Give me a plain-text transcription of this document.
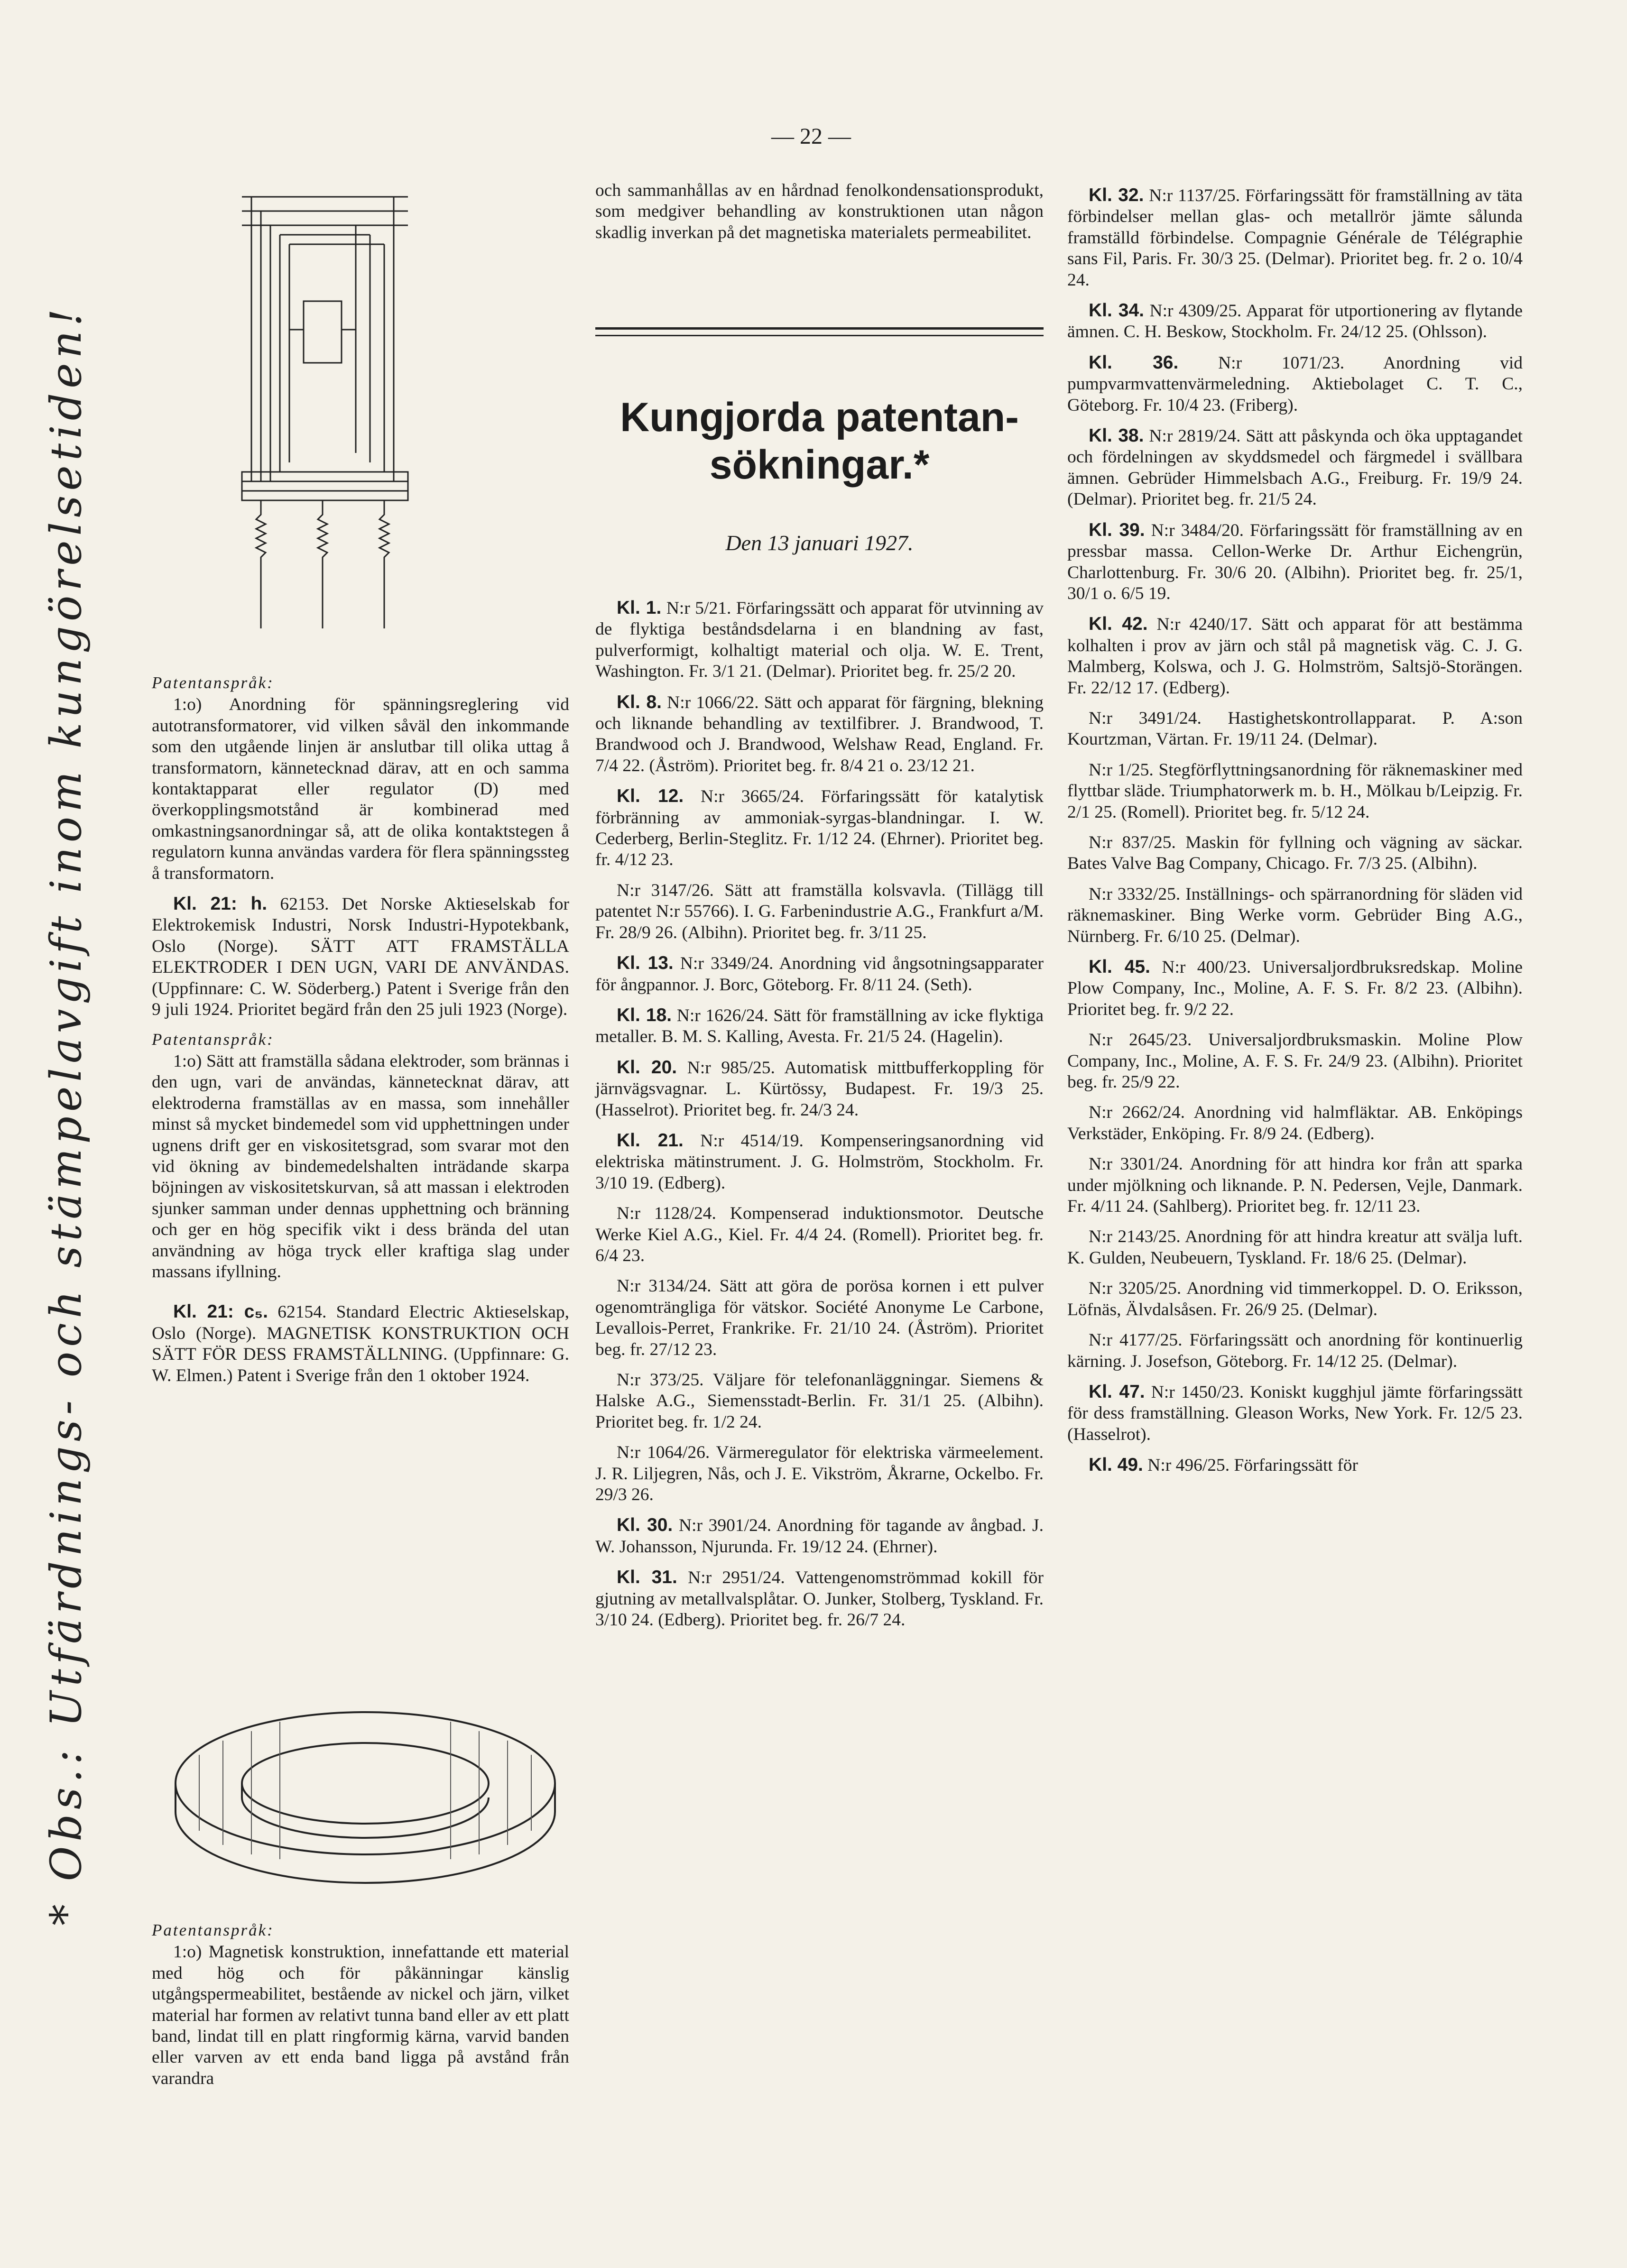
* Obs.: Utfärdnings- och stämpelavgift inom kungörelsetiden!
— 22 —

Patentanspråk:

1:o) Anordning för spänningsreglering vid autotransformatorer, vid vilken såväl den inkommande som den utgående linjen är anslutbar till olika uttag å transformatorn, kännetecknad därav, att en och samma kontaktapparat eller regulator (D) med överkopplingsmotstånd är kombinerad med omkastningsanordningar så, att de olika kontaktstegen å regulatorn kunna användas vardera för flera spänningssteg å transformatorn.

Kl. 21: h. 62153. Det Norske Aktieselskab for Elektrokemisk Industri, Norsk Industri-Hypotekbank, Oslo (Norge). SÄTT ATT FRAMSTÄLLA ELEKTRODER I DEN UGN, VARI DE ANVÄNDAS. (Uppfinnare: C. W. Söderberg.) Patent i Sverige från den 9 juli 1924. Prioritet begärd från den 25 juli 1923 (Norge).

Patentanspråk:

1:o) Sätt att framställa sådana elektroder, som brännas i den ugn, vari de användas, kännetecknat därav, att elektroderna framställas av en massa, som innehåller minst så mycket bindemedel som vid upphettningen under ugnens drift ger en viskositetsgrad, som svarar mot den vid ökning av bindemedelshalten inträdande skarpa böjningen av viskositetskurvan, så att massan i elektroden sjunker samman under dennas upphettning och bränning och ger en hög specifik vikt i dess brända del utan användning av höga tryck eller kraftiga slag under massans ifyllning.

Kl. 21: c₅. 62154. Standard Electric Aktieselskap, Oslo (Norge). MAGNETISK KONSTRUKTION OCH SÄTT FÖR DESS FRAMSTÄLLNING. (Uppfinnare: G. W. Elmen.) Patent i Sverige från den 1 oktober 1924.

Patentanspråk:

1:o) Magnetisk konstruktion, innefattande ett material med hög och för påkänningar känslig utgångspermeabilitet, bestående av nickel och järn, vilket material har formen av relativt tunna band eller av ett platt band, lindat till en platt ringformig kärna, varvid banden eller varven av ett enda band ligga på avstånd från varandra

och sammanhållas av en hårdnad fenolkondensationsprodukt, som medgiver behandling av konstruktionen utan någon skadlig inverkan på det magnetiska materialets permeabilitet.

Kungjorda patentan-
sökningar.*
Den 13 januari 1927.

Kl. 1. N:r 5/21. Förfaringssätt och apparat för utvinning av de flyktiga beståndsdelarna i en blandning av fast, pulverformigt, kolhaltigt material och olja. W. E. Trent, Washington. Fr. 3/1 21. (Delmar). Prioritet beg. fr. 25/2 20.

Kl. 8. N:r 1066/22. Sätt och apparat för färgning, blekning och liknande behandling av textilfibrer. J. Brandwood, T. Brandwood och J. Brandwood, Welshaw Read, England. Fr. 7/4 22. (Åström). Prioritet beg. fr. 8/4 21 o. 23/12 21.

Kl. 12. N:r 3665/24. Förfaringssätt för katalytisk förbränning av ammoniak-syrgas-blandningar. I. W. Cederberg, Berlin-Steglitz. Fr. 1/12 24. (Ehrner). Prioritet beg. fr. 4/12 23.

N:r 3147/26. Sätt att framställa kolsvavla. (Tillägg till patentet N:r 55766). I. G. Farbenindustrie A.G., Frankfurt a/M. Fr. 28/9 26. (Albihn). Prioritet beg. fr. 3/11 25.

Kl. 13. N:r 3349/24. Anordning vid ångsotningsapparater för ångpannor. J. Borc, Göteborg. Fr. 8/11 24. (Seth).

Kl. 18. N:r 1626/24. Sätt för framställning av icke flyktiga metaller. B. M. S. Kalling, Avesta. Fr. 21/5 24. (Hagelin).

Kl. 20. N:r 985/25. Automatisk mittbufferkoppling för järnvägsvagnar. L. Kürtössy, Budapest. Fr. 19/3 25. (Hasselrot). Prioritet beg. fr. 24/3 24.

Kl. 21. N:r 4514/19. Kompenseringsanordning vid elektriska mätinstrument. J. G. Holmström, Stockholm. Fr. 3/10 19. (Edberg).

N:r 1128/24. Kompenserad induktionsmotor. Deutsche Werke Kiel A.G., Kiel. Fr. 4/4 24. (Romell). Prioritet beg. fr. 6/4 23.

N:r 3134/24. Sätt att göra de porösa kornen i ett pulver ogenomträngliga för vätskor. Société Anonyme Le Carbone, Levallois-Perret, Frankrike. Fr. 21/10 24. (Åström). Prioritet beg. fr. 27/12 23.

N:r 373/25. Väljare för telefonanläggningar. Siemens & Halske A.G., Siemensstadt-Berlin. Fr. 31/1 25. (Albihn). Prioritet beg. fr. 1/2 24.

N:r 1064/26. Värmeregulator för elektriska värmeelement. J. R. Liljegren, Nås, och J. E. Vikström, Åkrarne, Ockelbo. Fr. 29/3 26.

Kl. 30. N:r 3901/24. Anordning för tagande av ångbad. J. W. Johansson, Njurunda. Fr. 19/12 24. (Ehrner).

Kl. 31. N:r 2951/24. Vattengenomströmmad kokill för gjutning av metallvalsplåtar. O. Junker, Stolberg, Tyskland. Fr. 3/10 24. (Edberg). Prioritet beg. fr. 26/7 24.

Kl. 32. N:r 1137/25. Förfaringssätt för framställning av täta förbindelser mellan glas- och metallrör jämte sålunda framställd förbindelse. Compagnie Générale de Télégraphie sans Fil, Paris. Fr. 30/3 25. (Delmar). Prioritet beg. fr. 2 o. 10/4 24.

Kl. 34. N:r 4309/25. Apparat för utportionering av flytande ämnen. C. H. Beskow, Stockholm. Fr. 24/12 25. (Ohlsson).

Kl. 36. N:r 1071/23. Anordning vid pumpvarmvattenvärmeledning. Aktiebolaget C. T. C., Göteborg. Fr. 10/4 23. (Friberg).

Kl. 38. N:r 2819/24. Sätt att påskynda och öka upptagandet och fördelningen av skyddsmedel och färgmedel i svällbara ämnen. Gebrüder Himmelsbach A.G., Freiburg. Fr. 19/9 24. (Delmar). Prioritet beg. fr. 21/5 24.

Kl. 39. N:r 3484/20. Förfaringssätt för framställning av en pressbar massa. Cellon-Werke Dr. Arthur Eichengrün, Charlottenburg. Fr. 30/6 20. (Albihn). Prioritet beg. fr. 25/1, 30/1 o. 6/5 19.

Kl. 42. N:r 4240/17. Sätt och apparat för att bestämma kolhalten i prov av järn och stål på magnetisk väg. C. J. G. Malmberg, Kolswa, och J. G. Holmström, Saltsjö-Storängen. Fr. 22/12 17. (Edberg).

N:r 3491/24. Hastighetskontrollapparat. P. A:son Kourtzman, Värtan. Fr. 19/11 24. (Delmar).

N:r 1/25. Stegförflyttningsanordning för räknemaskiner med flyttbar släde. Triumphatorwerk m. b. H., Mölkau b/Leipzig. Fr. 2/1 25. (Romell). Prioritet beg. fr. 5/12 24.

N:r 837/25. Maskin för fyllning och vägning av säckar. Bates Valve Bag Company, Chicago. Fr. 7/3 25. (Albihn).

N:r 3332/25. Inställnings- och spärranordning för släden vid räknemaskiner. Bing Werke vorm. Gebrüder Bing A.G., Nürnberg. Fr. 6/10 25. (Delmar).

Kl. 45. N:r 400/23. Universaljordbruksredskap. Moline Plow Company, Inc., Moline, A. F. S. Fr. 8/2 23. (Albihn). Prioritet beg. fr. 9/2 22.

N:r 2645/23. Universaljordbruksmaskin. Moline Plow Company, Inc., Moline, A. F. S. Fr. 24/9 23. (Albihn). Prioritet beg. fr. 25/9 22.

N:r 2662/24. Anordning vid halmfläktar. AB. Enköpings Verkstäder, Enköping. Fr. 8/9 24. (Edberg).

N:r 3301/24. Anordning för att hindra kor från att sparka under mjölkning och liknande. P. N. Pedersen, Vejle, Danmark. Fr. 4/11 24. (Sahlberg). Prioritet beg. fr. 12/11 23.

N:r 2143/25. Anordning för att hindra kreatur att svälja luft. K. Gulden, Neubeuern, Tyskland. Fr. 18/6 25. (Delmar).

N:r 3205/25. Anordning vid timmerkoppel. D. O. Eriksson, Löfnäs, Älvdalsåsen. Fr. 26/9 25. (Delmar).

N:r 4177/25. Förfaringssätt och anordning för kontinuerlig kärning. J. Josefson, Göteborg. Fr. 14/12 25. (Delmar).

Kl. 47. N:r 1450/23. Koniskt kugghjul jämte förfaringssätt för dess framställning. Gleason Works, New York. Fr. 12/5 23. (Hasselrot).

Kl. 49. N:r 496/25. Förfaringssätt för
